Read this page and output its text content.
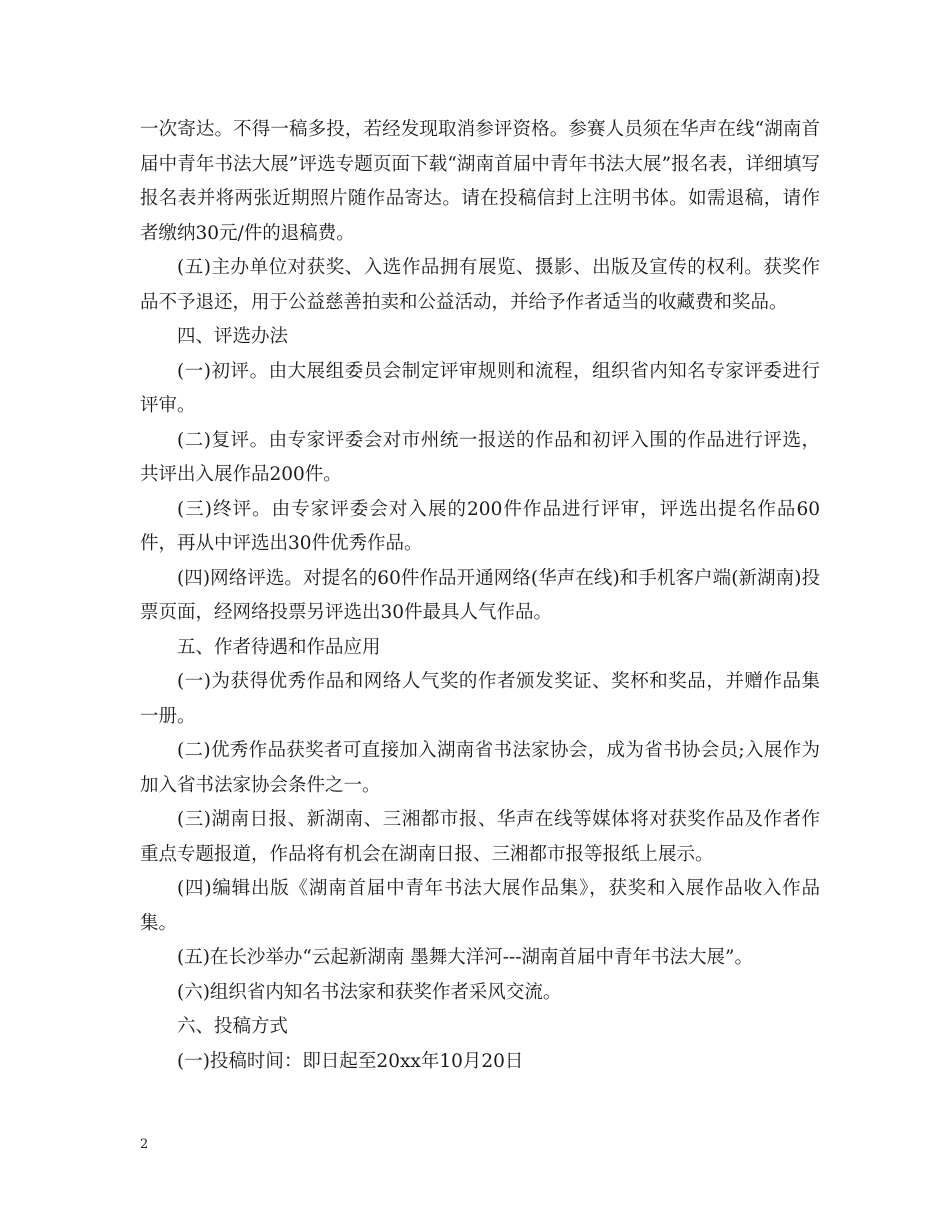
一次寄达。不得一稿多投，若经发现取消参评资格。参赛人员须在华声在线“湖南首届中青年书法大展”评选专题页面下载“湖南首届中青年书法大展”报名表，详细填写报名表并将两张近期照片随作品寄达。请在投稿信封上注明书体。如需退稿，请作者缴纳30元/件的退稿费。

(五)主办单位对获奖、入选作品拥有展览、摄影、出版及宣传的权利。获奖作品不予退还，用于公益慈善拍卖和公益活动，并给予作者适当的收藏费和奖品。

四、评选办法

(一)初评。由大展组委员会制定评审规则和流程，组织省内知名专家评委进行评审。

(二)复评。由专家评委会对市州统一报送的作品和初评入围的作品进行评选，共评出入展作品200件。

(三)终评。由专家评委会对入展的200件作品进行评审，评选出提名作品60件，再从中评选出30件优秀作品。

(四)网络评选。对提名的60件作品开通网络(华声在线)和手机客户端(新湖南)投票页面，经网络投票另评选出30件最具人气作品。

五、作者待遇和作品应用

(一)为获得优秀作品和网络人气奖的作者颁发奖证、奖杯和奖品，并赠作品集一册。

(二)优秀作品获奖者可直接加入湖南省书法家协会，成为省书协会员;入展作为加入省书法家协会条件之一。

(三)湖南日报、新湖南、三湘都市报、华声在线等媒体将对获奖作品及作者作重点专题报道，作品将有机会在湖南日报、三湘都市报等报纸上展示。

(四)编辑出版《湖南首届中青年书法大展作品集》，获奖和入展作品收入作品集。

(五)在长沙举办“云起新湖南 墨舞大洋河---湖南首届中青年书法大展”。

(六)组织省内知名书法家和获奖作者采风交流。

六、投稿方式

(一)投稿时间：即日起至20xx年10月20日

2
